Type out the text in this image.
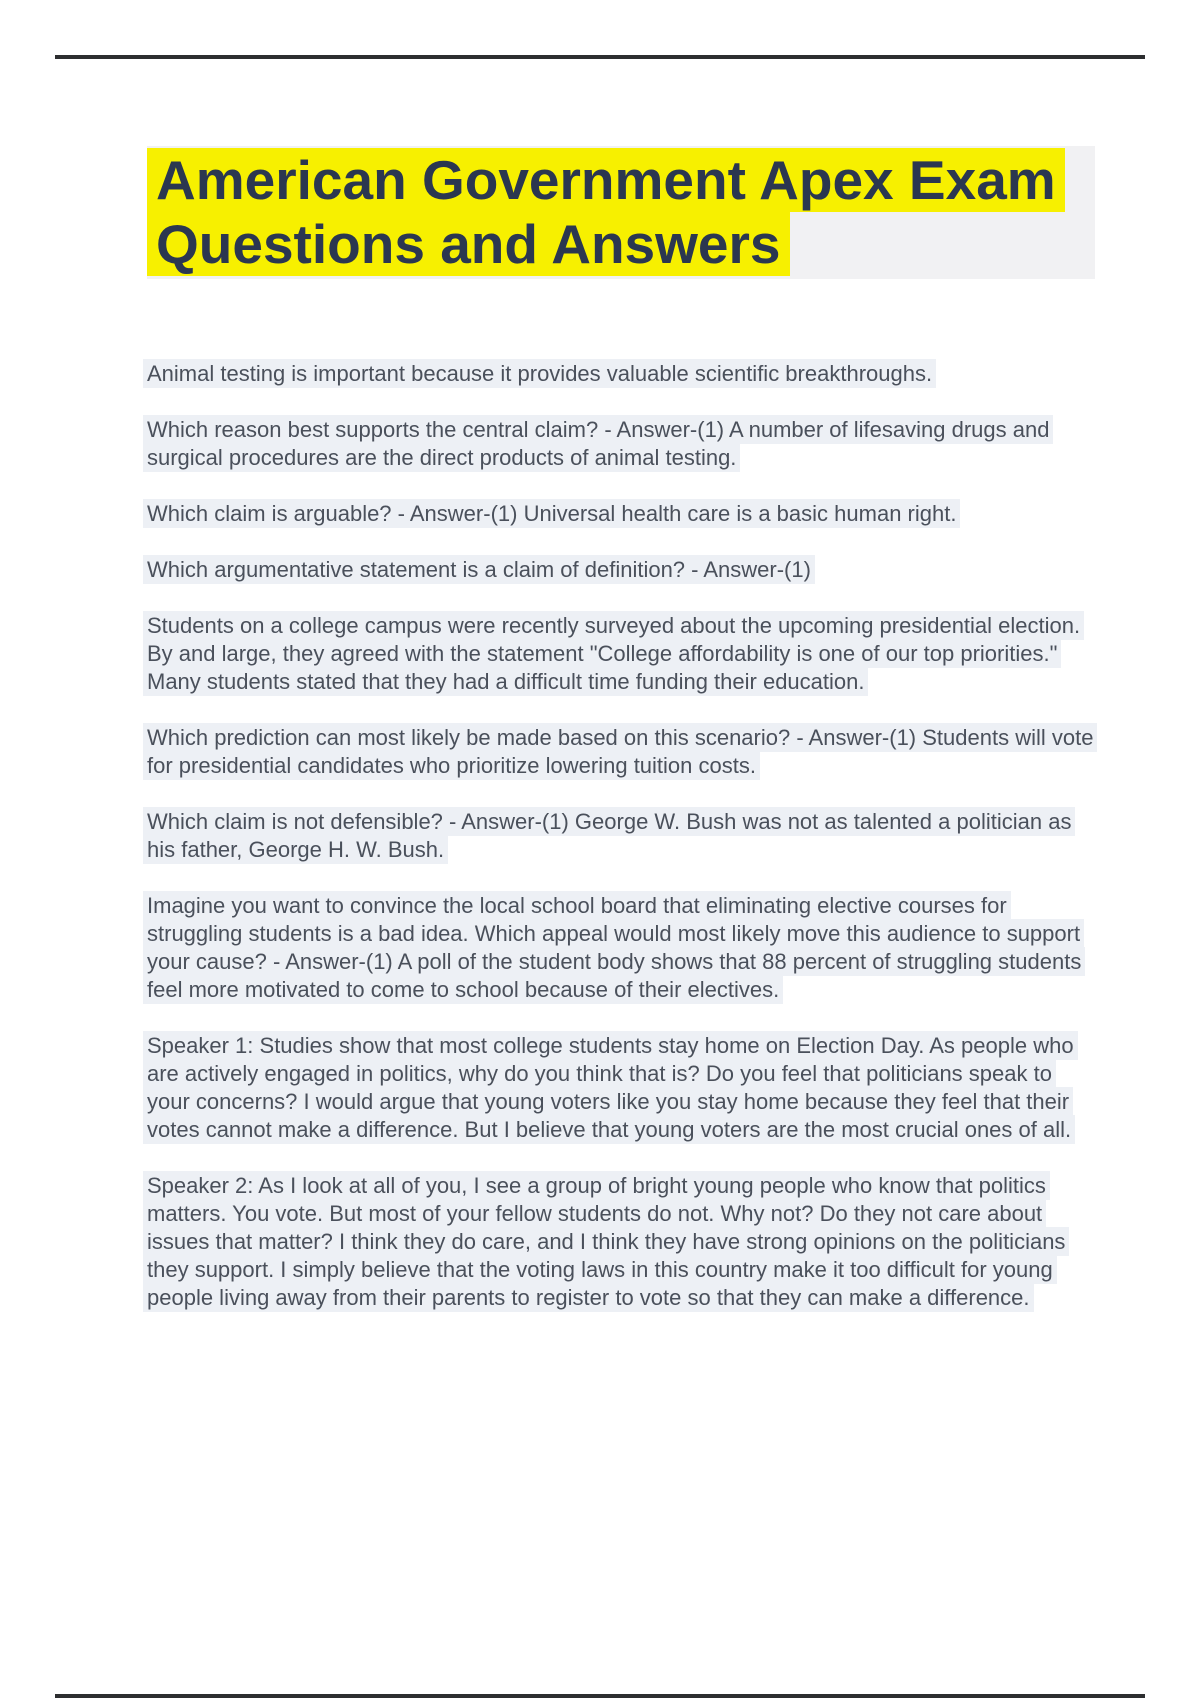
American Government Apex Exam Questions and Answers

Animal testing is important because it provides valuable scientific breakthroughs.

Which reason best supports the central claim? - Answer-(1) A number of lifesaving drugs and surgical procedures are the direct products of animal testing.

Which claim is arguable? - Answer-(1) Universal health care is a basic human right.

Which argumentative statement is a claim of definition? - Answer-(1)

Students on a college campus were recently surveyed about the upcoming presidential election. By and large, they agreed with the statement "College affordability is one of our top priorities." Many students stated that they had a difficult time funding their education.

Which prediction can most likely be made based on this scenario? - Answer-(1) Students will vote for presidential candidates who prioritize lowering tuition costs.

Which claim is not defensible? - Answer-(1) George W. Bush was not as talented a politician as his father, George H. W. Bush.

Imagine you want to convince the local school board that eliminating elective courses for struggling students is a bad idea. Which appeal would most likely move this audience to support your cause? - Answer-(1) A poll of the student body shows that 88 percent of struggling students feel more motivated to come to school because of their electives.

Speaker 1: Studies show that most college students stay home on Election Day. As people who are actively engaged in politics, why do you think that is? Do you feel that politicians speak to your concerns? I would argue that young voters like you stay home because they feel that their votes cannot make a difference. But I believe that young voters are the most crucial ones of all.

Speaker 2: As I look at all of you, I see a group of bright young people who know that politics matters. You vote. But most of your fellow students do not. Why not? Do they not care about issues that matter? I think they do care, and I think they have strong opinions on the politicians they support. I simply believe that the voting laws in this country make it too difficult for young people living away from their parents to register to vote so that they can make a difference.
